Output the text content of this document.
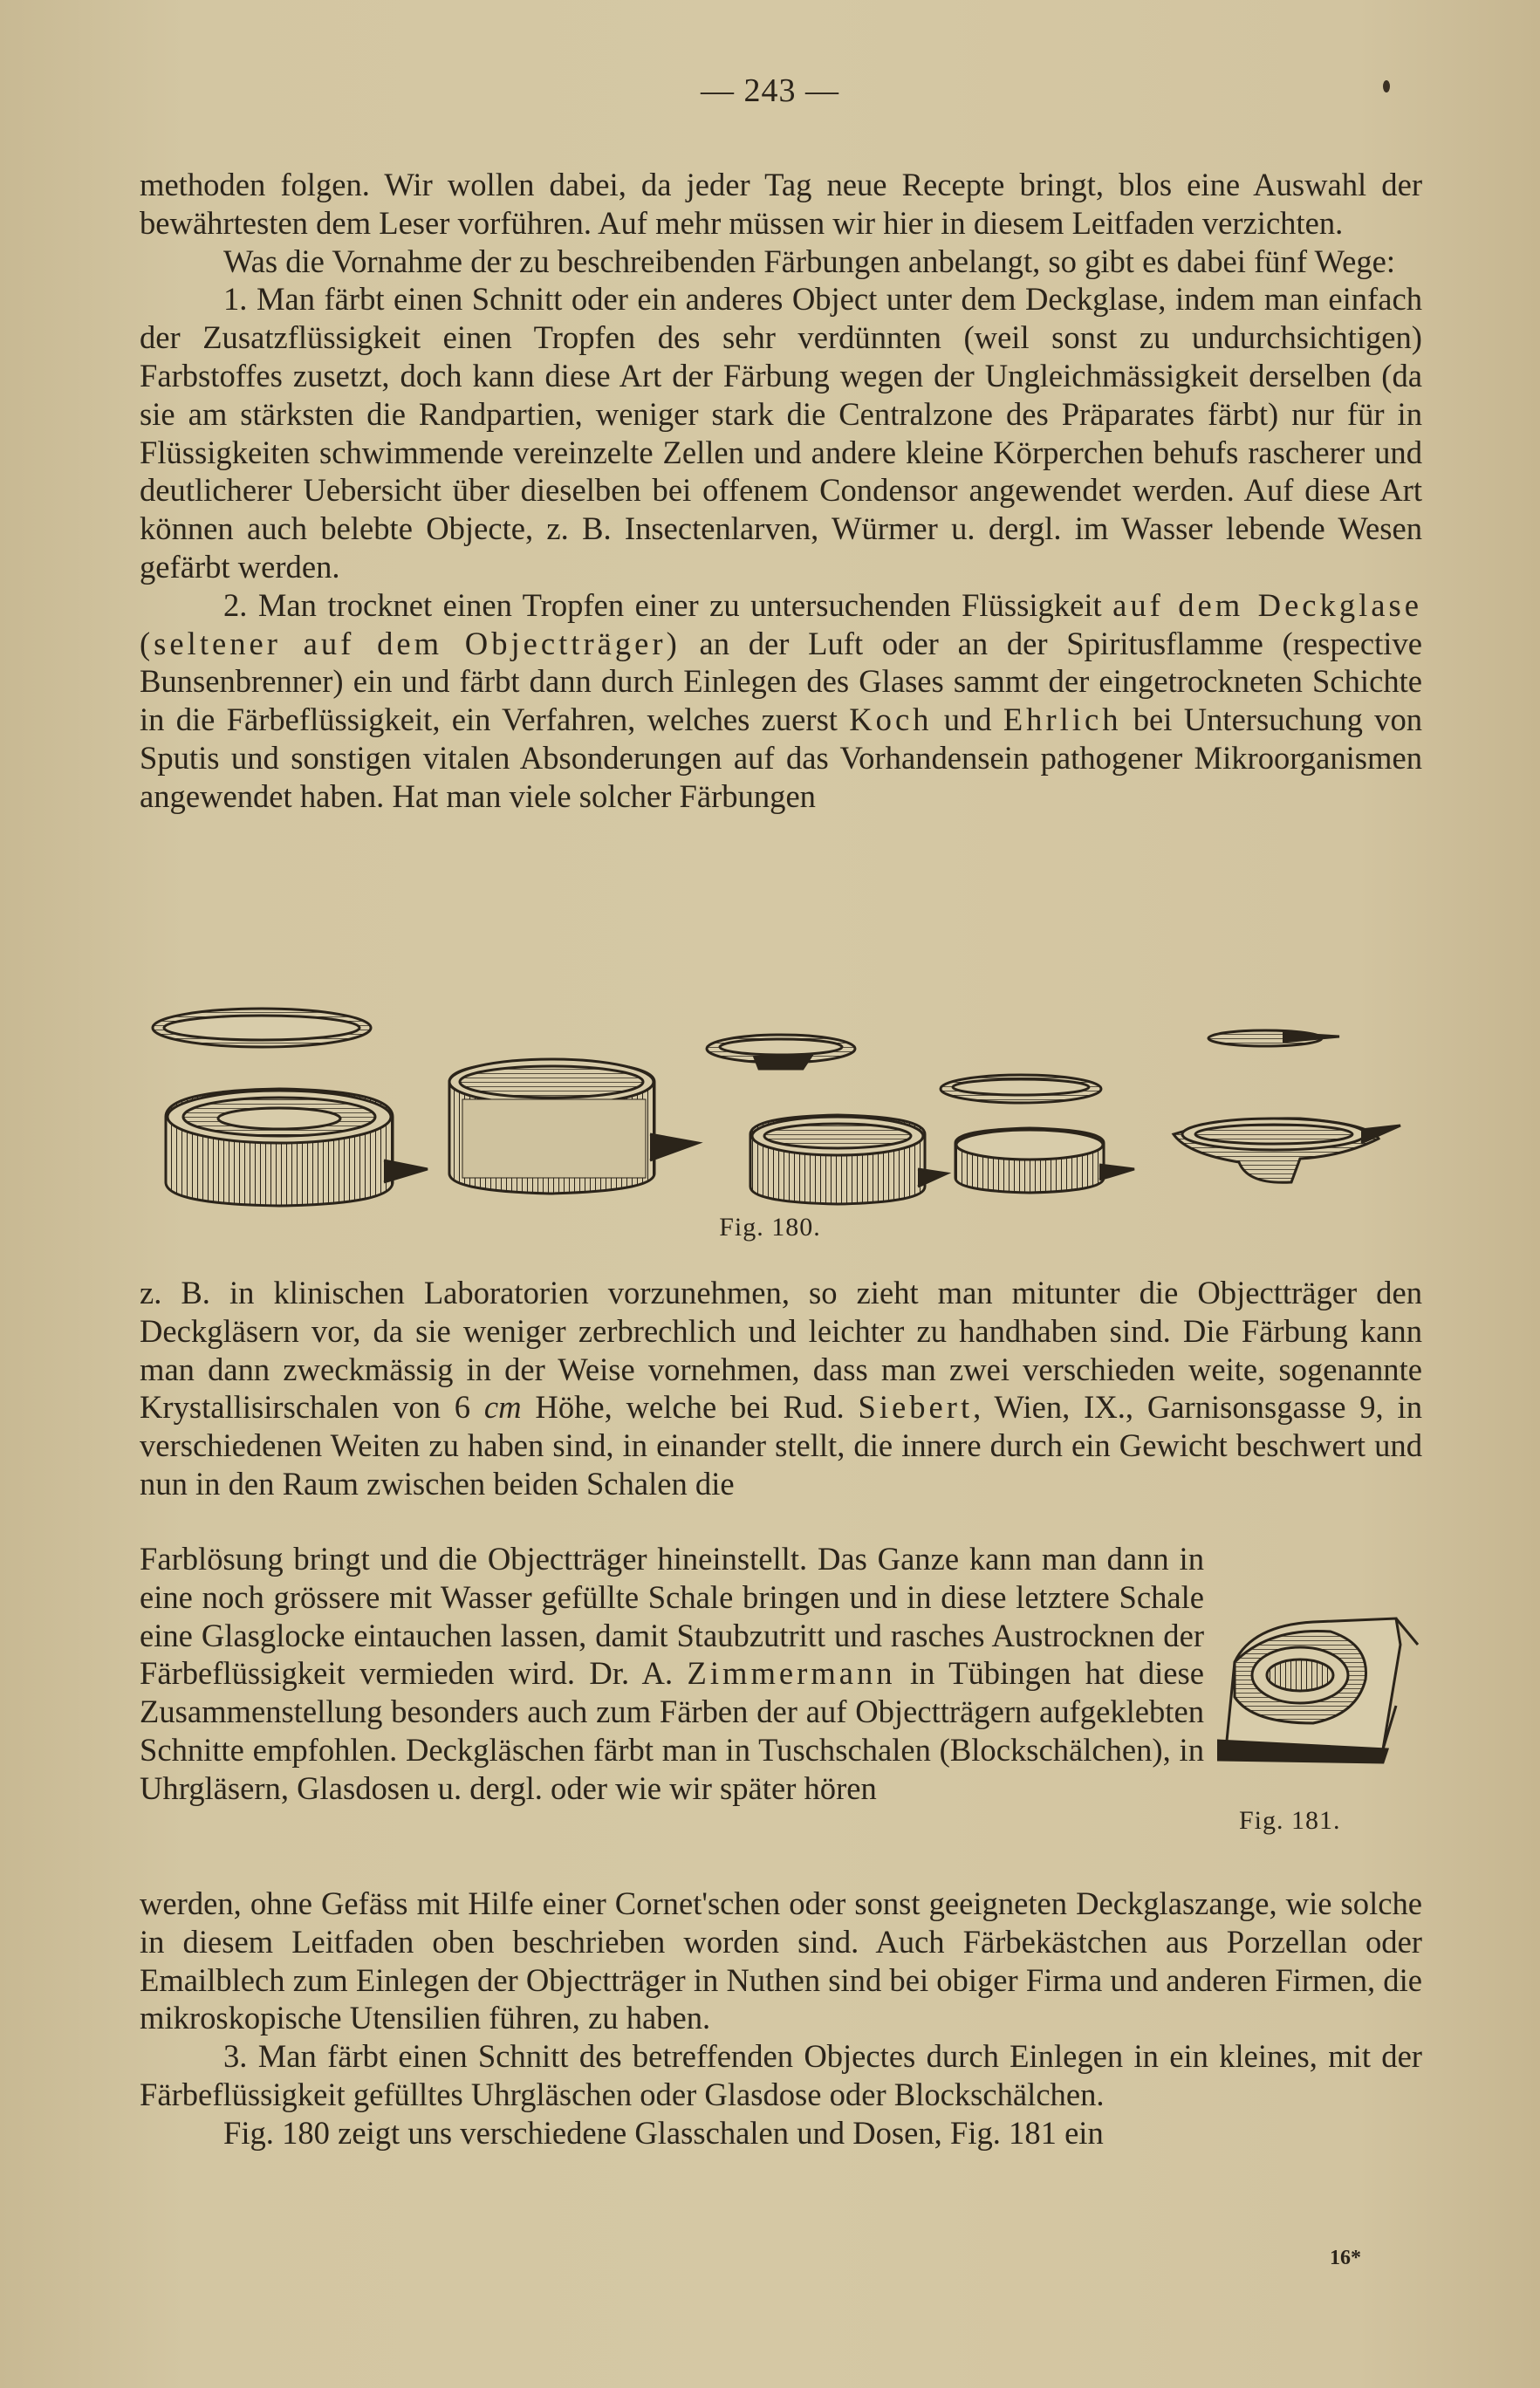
— 243 —

methoden folgen. Wir wollen dabei, da jeder Tag neue Recepte bringt, blos eine Auswahl der bewährtesten dem Leser vorführen. Auf mehr müssen wir hier in diesem Leitfaden verzichten.

Was die Vornahme der zu beschreibenden Färbungen anbelangt, so gibt es dabei fünf Wege:

1. Man färbt einen Schnitt oder ein anderes Object unter dem Deckglase, indem man einfach der Zusatzflüssigkeit einen Tropfen des sehr verdünnten (weil sonst zu undurchsichtigen) Farbstoffes zusetzt, doch kann diese Art der Färbung wegen der Ungleichmässigkeit derselben (da sie am stärksten die Randpartien, weniger stark die Centralzone des Präparates färbt) nur für in Flüssigkeiten schwimmende vereinzelte Zellen und andere kleine Körperchen behufs rascherer und deutlicherer Uebersicht über dieselben bei offenem Condensor angewendet werden. Auf diese Art können auch belebte Objecte, z. B. Insectenlarven, Würmer u. dergl. im Wasser lebende Wesen gefärbt werden.

2. Man trocknet einen Tropfen einer zu untersuchenden Flüssigkeit auf dem Deckglase (seltener auf dem Objectträger) an der Luft oder an der Spiritusflamme (respective Bunsenbrenner) ein und färbt dann durch Einlegen des Glases sammt der eingetrockneten Schichte in die Färbeflüssigkeit, ein Verfahren, welches zuerst Koch und Ehrlich bei Untersuchung von Sputis und sonstigen vitalen Absonderungen auf das Vorhandensein pathogener Mikroorganismen angewendet haben. Hat man viele solcher Färbungen

Fig. 180.

z. B. in klinischen Laboratorien vorzunehmen, so zieht man mitunter die Objectträger den Deckgläsern vor, da sie weniger zerbrechlich und leichter zu handhaben sind. Die Färbung kann man dann zweckmässig in der Weise vornehmen, dass man zwei verschieden weite, sogenannte Krystallisirschalen von 6 cm Höhe, welche bei Rud. Siebert, Wien, IX., Garnisonsgasse 9, in verschiedenen Weiten zu haben sind, in einander stellt, die innere durch ein Gewicht beschwert und nun in den Raum zwischen beiden Schalen die

Farblösung bringt und die Objectträger hineinstellt. Das Ganze kann man dann in eine noch grössere mit Wasser gefüllte Schale bringen und in diese letztere Schale eine Glasglocke eintauchen lassen, damit Staubzutritt und rasches Austrocknen der Färbeflüssigkeit vermieden wird. Dr. A. Zimmermann in Tübingen hat diese Zusammenstellung besonders auch zum Färben der auf Objectträgern aufgeklebten Schnitte empfohlen. Deckgläschen färbt man in Tuschschalen (Blockschälchen), in Uhrgläsern, Glasdosen u. dergl. oder wie wir später hören

Fig. 181.

werden, ohne Gefäss mit Hilfe einer Cornet'schen oder sonst geeigneten Deckglaszange, wie solche in diesem Leitfaden oben beschrieben worden sind. Auch Färbekästchen aus Porzellan oder Emailblech zum Einlegen der Objectträger in Nuthen sind bei obiger Firma und anderen Firmen, die mikroskopische Utensilien führen, zu haben.

3. Man färbt einen Schnitt des betreffenden Objectes durch Einlegen in ein kleines, mit der Färbeflüssigkeit gefülltes Uhrgläschen oder Glasdose oder Blockschälchen.

Fig. 180 zeigt uns verschiedene Glasschalen und Dosen, Fig. 181 ein

16*
